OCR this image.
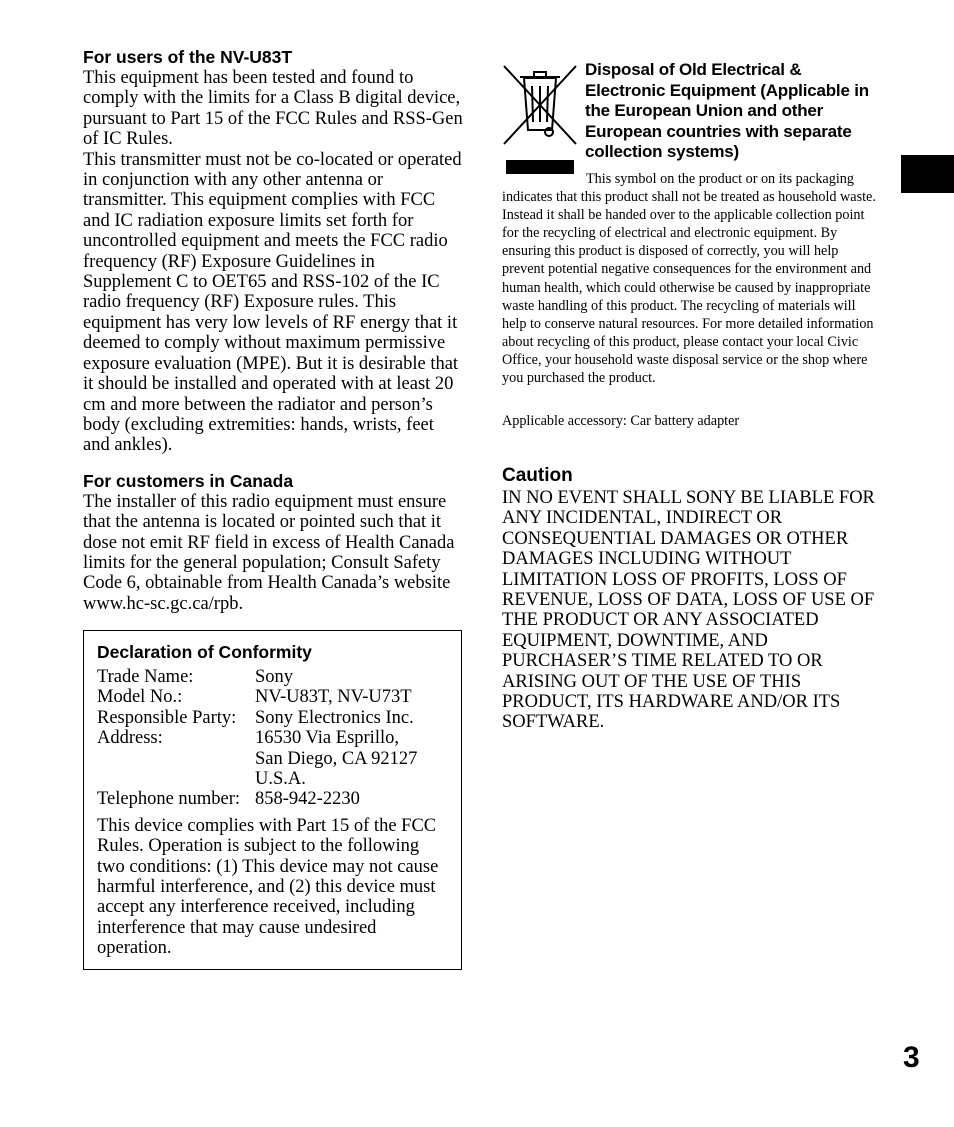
For users of the NV-U83T

This equipment has been tested and found to comply with the limits for a Class B digital device, pursuant to Part 15 of the FCC Rules and RSS-Gen of IC Rules.

This transmitter must not be co-located or operated in conjunction with any other antenna or transmitter. This equipment complies with FCC and IC radiation exposure limits set forth for uncontrolled equipment and meets the FCC radio frequency (RF) Exposure Guidelines in Supplement C to OET65 and RSS-102 of the IC radio frequency (RF) Exposure rules. This equipment has very low levels of RF energy that it deemed to comply without maximum permissive exposure evaluation (MPE). But it is desirable that it should be installed and operated with at least 20 cm and more between the radiator and person’s body (excluding extremities: hands, wrists, feet and ankles).

For customers in Canada

The installer of this radio equipment must ensure that the antenna is located or pointed such that it dose not emit RF field in excess of Health Canada limits for the general population; Consult Safety Code 6, obtainable from Health Canada’s website www.hc-sc.gc.ca/rpb.

Declaration of Conformity
Trade Name:	Sony
Model No.:	NV-U83T, NV-U73T
Responsible Party:	Sony Electronics Inc.
Address:	16530 Via Esprillo,
San Diego, CA 92127
U.S.A.
Telephone number: 858-942-2230

This device complies with Part 15 of the FCC Rules. Operation is subject to the following two conditions: (1) This device may not cause harmful interference, and (2) this device must accept any interference received, including interference that may cause undesired operation.

Disposal of Old Electrical & Electronic Equipment (Applicable in the European Union and other European countries with separate collection systems)

This symbol on the product or on its packaging indicates that this product shall not be treated as household waste. Instead it shall be handed over to the applicable collection point for the recycling of electrical and electronic equipment. By ensuring this product is disposed of correctly, you will help prevent potential negative consequences for the environment and human health, which could otherwise be caused by inappropriate waste handling of this product. The recycling of materials will help to conserve natural resources. For more detailed information about recycling of this product, please contact your local Civic Office, your household waste disposal service or the shop where you purchased the product.

Applicable accessory: Car battery adapter

Caution

IN NO EVENT SHALL SONY BE LIABLE FOR ANY INCIDENTAL, INDIRECT OR CONSEQUENTIAL DAMAGES OR OTHER DAMAGES INCLUDING WITHOUT LIMITATION LOSS OF PROFITS, LOSS OF REVENUE, LOSS OF DATA, LOSS OF USE OF THE PRODUCT OR ANY ASSOCIATED EQUIPMENT, DOWNTIME, AND PURCHASER’S TIME RELATED TO OR ARISING OUT OF THE USE OF THIS PRODUCT, ITS HARDWARE AND/OR ITS SOFTWARE.

3
